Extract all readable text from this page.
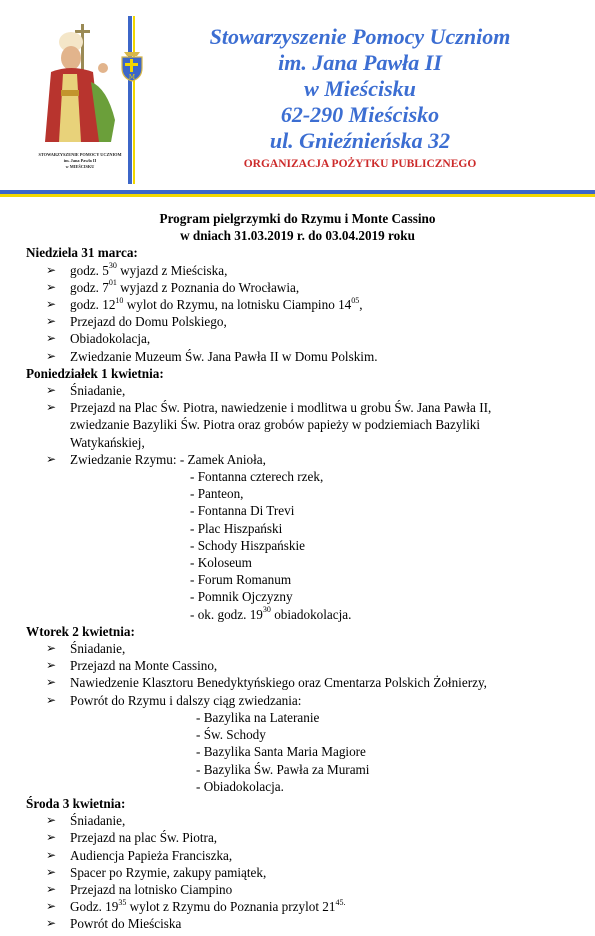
STOWARZYSZENIE POMOCY UCZNIOM
im. Jana Pawła II
w MIEŚCISKU
M
Stowarzyszenie Pomocy Uczniom
im. Jana Pawła II
w Mieścisku
62-290 Mieścisko
ul. Gnieźnieńska 32
ORGANIZACJA POŻYTKU PUBLICZNEGO
Program pielgrzymki do Rzymu i Monte Cassino
w dniach 31.03.2019 r. do 03.04.2019 roku
Niedziela 31 marca:
➢ godz. $5^{30}$ wyjazd z Mieściska,
➢ godz. $7^{01}$ wyjazd z Poznania do Wrocławia,
➢ godz. $12^{10}$ wylot do Rzymu, na lotnisku Ciampino $14^{05}$,
➢ Przejazd do Domu Polskiego,
➢ Obiadokolacja,
➢ Zwiedzanie Muzeum Św. Jana Pawła II w Domu Polskim.
Poniedziałek 1 kwietnia:
➢ Śniadanie,
➢ Przejazd na Plac Św. Piotra, nawiedzenie i modlitwa u grobu Św. Jana Pawła II,
zwiedzanie Bazyliki Św. Piotra oraz grobów papieży w podziemiach Bazyliki
Watykańskiej,
➢ Zwiedzanie Rzymu: - Zamek Anioła,
- Fontanna czterech rzek,
- Panteon,
- Fontanna Di Trevi
- Plac Hiszpański
- Schody Hiszpańskie
- Koloseum
- Forum Romanum
- Pomnik Ojczyzny
- ok. godz. $19^{30}$ obiadokolacja.
Wtorek 2 kwietnia:
➢ Śniadanie,
➢ Przejazd na Monte Cassino,
➢ Nawiedzenie Klasztoru Benedyktyńskiego oraz Cmentarza Polskich Żołnierzy,
➢ Powrót do Rzymu i dalszy ciąg zwiedzania:
- Bazylika na Lateranie
- Św. Schody
- Bazylika Santa Maria Magiore
- Bazylika Św. Pawła za Murami
- Obiadokolacja.
Środa 3 kwietnia:
➢ Śniadanie,
➢ Przejazd na plac Św. Piotra,
➢ Audiencja Papieża Franciszka,
➢ Spacer po Rzymie, zakupy pamiątek,
➢ Przejazd na lotnisko Ciampino
➢ Godz. $19^{35}$ wylot z Rzymu do Poznania przylot $21^{45.}$
➢ Powrót do Mieściska
